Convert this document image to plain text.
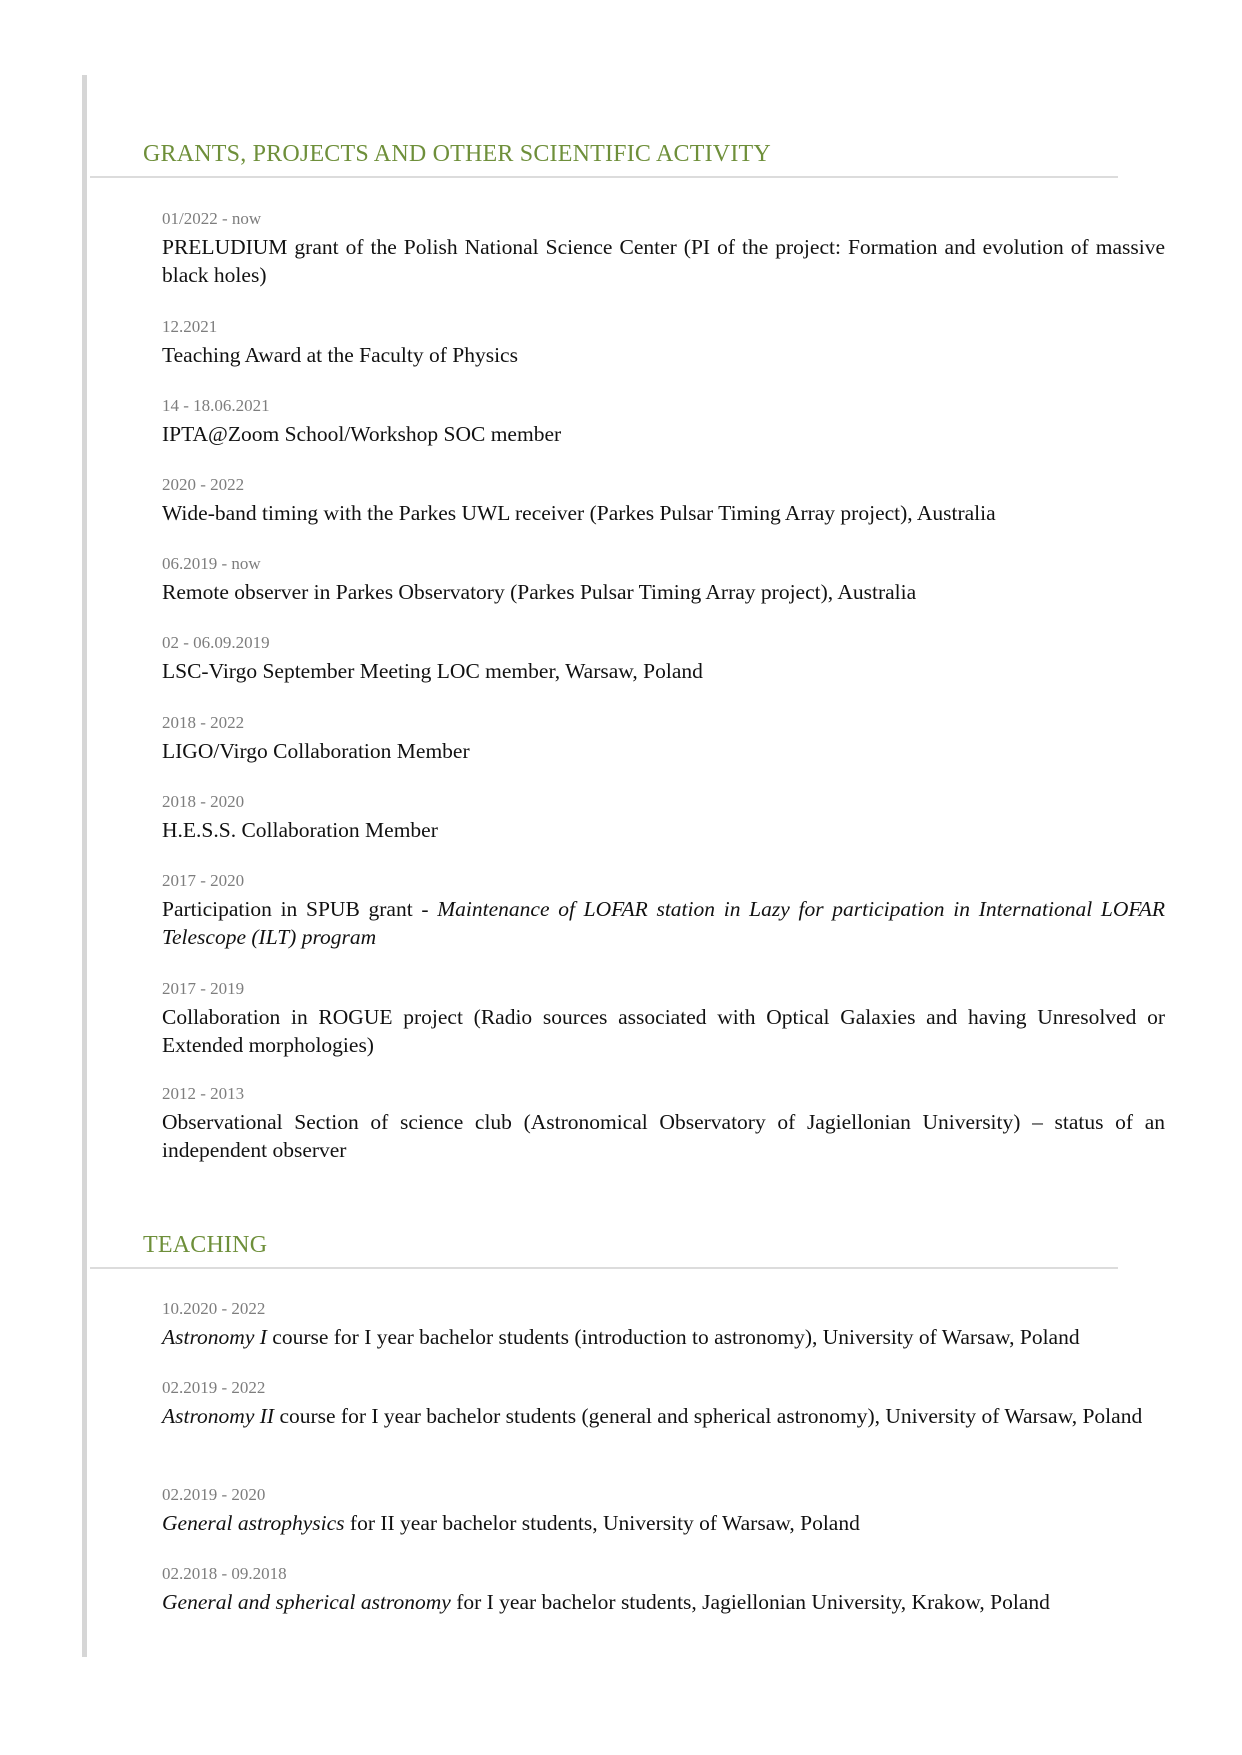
GRANTS, PROJECTS AND OTHER SCIENTIFIC ACTIVITY
01/2022 - now
PRELUDIUM grant of the Polish National Science Center (PI of the project: Formation and evolution of massive black holes)
12.2021
Teaching Award at the Faculty of Physics
14 - 18.06.2021
IPTA@Zoom School/Workshop SOC member
2020 - 2022
Wide-band timing with the Parkes UWL receiver (Parkes Pulsar Timing Array project), Australia
06.2019 - now
Remote observer in Parkes Observatory (Parkes Pulsar Timing Array project), Australia
02 - 06.09.2019
LSC-Virgo September Meeting LOC member, Warsaw, Poland
2018 - 2022
LIGO/Virgo Collaboration Member
2018 - 2020
H.E.S.S. Collaboration Member
2017 - 2020
Participation in SPUB grant - Maintenance of LOFAR station in Lazy for participation in International LOFAR Telescope (ILT) program
2017 - 2019
Collaboration in ROGUE project (Radio sources associated with Optical Galaxies and having Unresolved or Extended morphologies)
2012 - 2013
Observational Section of science club (Astronomical Observatory of Jagiellonian University) – status of an independent observer
TEACHING
10.2020 - 2022
Astronomy I course for I year bachelor students (introduction to astronomy), University of Warsaw, Poland
02.2019 - 2022
Astronomy II course for I year bachelor students (general and spherical astronomy), University of Warsaw, Poland
02.2019 - 2020
General astrophysics for II year bachelor students, University of Warsaw, Poland
02.2018 - 09.2018
General and spherical astronomy for I year bachelor students, Jagiellonian University, Krakow, Poland
